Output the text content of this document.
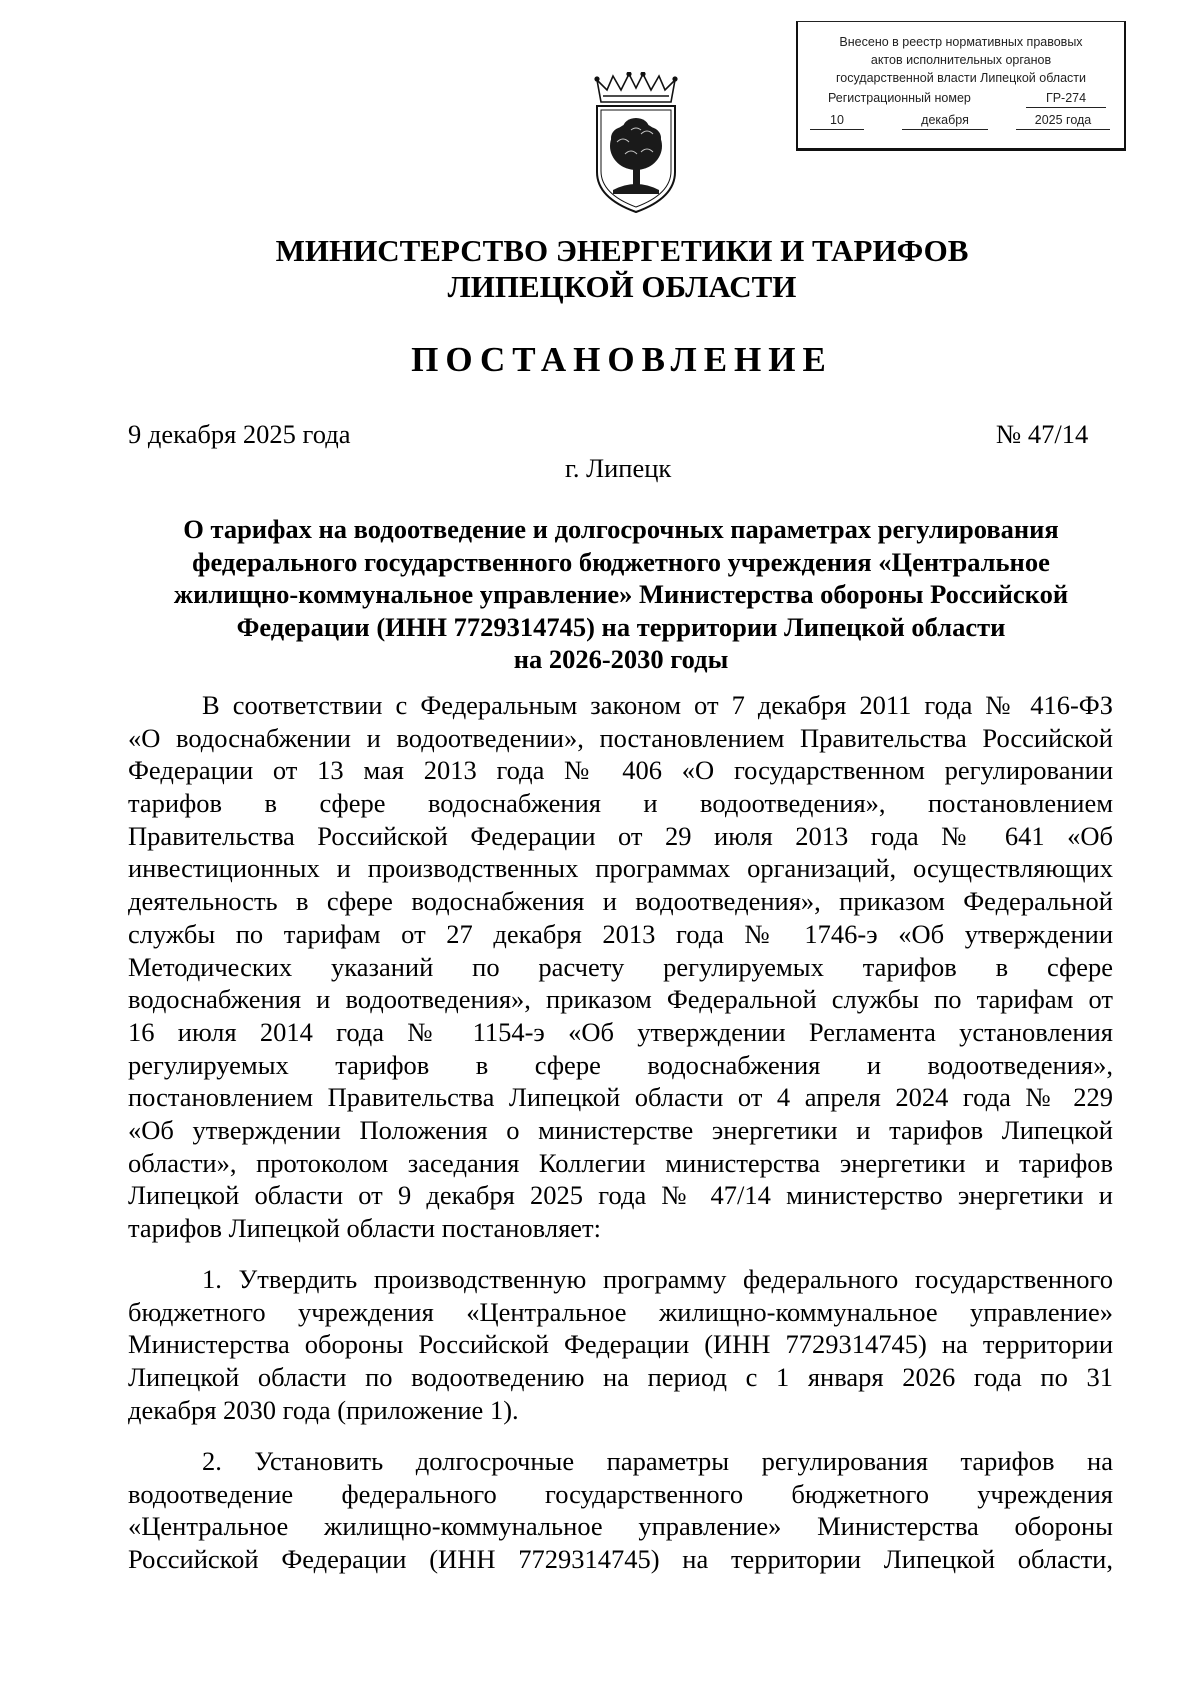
Внесено в реестр нормативных правовых
актов исполнительных органов
государственной власти Липецкой области
Регистрационный номер	ГР-274
10	декабря	2025 года
МИНИСТЕРСТВО ЭНЕРГЕТИКИ И ТАРИФОВ
ЛИПЕЦКОЙ ОБЛАСТИ
ПОСТАНОВЛЕНИЕ
9 декабря 2025 года	№ 47/14
г. Липецк
О тарифах на водоотведение и долгосрочных параметрах регулирования
федерального государственного бюджетного учреждения «Центральное
жилищно-коммунальное управление» Министерства обороны Российской
Федерации (ИНН 7729314745) на территории Липецкой области
на 2026-2030 годы
В соответствии с Федеральным законом от 7 декабря 2011 года № 416-ФЗ
«О водоснабжении и водоотведении», постановлением Правительства Российской
Федерации от 13 мая 2013 года № 406 «О государственном регулировании
тарифов в сфере водоснабжения и водоотведения», постановлением
Правительства Российской Федерации от 29 июля 2013 года № 641 «Об
инвестиционных и производственных программах организаций, осуществляющих
деятельность в сфере водоснабжения и водоотведения», приказом Федеральной
службы по тарифам от 27 декабря 2013 года № 1746-э «Об утверждении
Методических указаний по расчету регулируемых тарифов в сфере
водоснабжения и водоотведения», приказом Федеральной службы по тарифам от
16 июля 2014 года № 1154-э «Об утверждении Регламента установления
регулируемых тарифов в сфере водоснабжения и водоотведения»,
постановлением Правительства Липецкой области от 4 апреля 2024 года № 229
«Об утверждении Положения о министерстве энергетики и тарифов Липецкой
области», протоколом заседания Коллегии министерства энергетики и тарифов
Липецкой области от 9 декабря 2025 года № 47/14 министерство энергетики и
тарифов Липецкой области постановляет:
1. Утвердить производственную программу федерального государственного
бюджетного учреждения «Центральное жилищно-коммунальное управление»
Министерства обороны Российской Федерации (ИНН 7729314745) на территории
Липецкой области по водоотведению на период с 1 января 2026 года по 31
декабря 2030 года (приложение 1).
2. Установить долгосрочные параметры регулирования тарифов на
водоотведение федерального государственного бюджетного учреждения
«Центральное жилищно-коммунальное управление» Министерства обороны
Российской Федерации (ИНН 7729314745) на территории Липецкой области,
